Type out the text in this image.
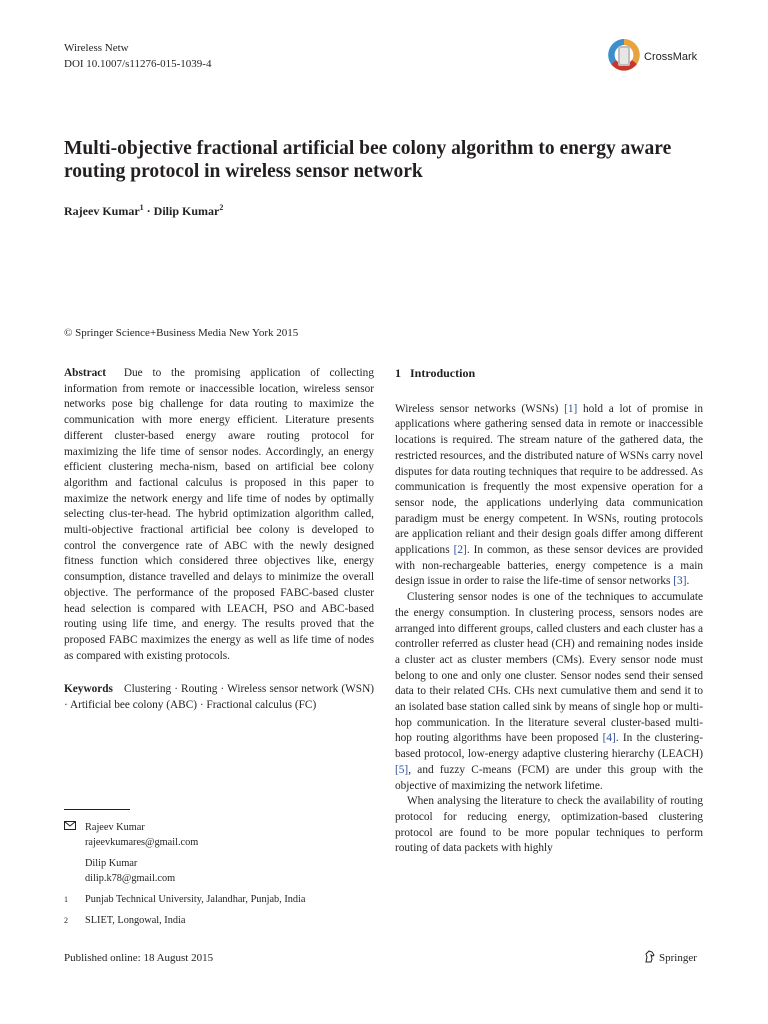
Wireless Netw
DOI 10.1007/s11276-015-1039-4
CrossMark
Multi-objective fractional artificial bee colony algorithm to energy aware routing protocol in wireless sensor network
Rajeev Kumar$^1$ · Dilip Kumar$^2$
© Springer Science+Business Media New York 2015

Abstract Due to the promising application of collecting information from remote or inaccessible location, wireless sensor networks pose big challenge for data routing to maximize the communication with more energy efficient. Literature presents different cluster-based energy aware routing protocol for maximizing the life time of sensor nodes. Accordingly, an energy efficient clustering mecha-nism, based on artificial bee colony algorithm and factional calculus is proposed in this paper to maximize the network energy and life time of nodes by optimally selecting clus-ter-head. The hybrid optimization algorithm called, multi-objective fractional artificial bee colony is developed to control the convergence rate of ABC with the newly designed fitness function which considered three objectives like, energy consumption, distance travelled and delays to minimize the overall objective. The performance of the proposed FABC-based cluster head selection is compared with LEACH, PSO and ABC-based routing using life time, and energy. The results proved that the proposed FABC maximizes the energy as well as life time of nodes as compared with existing protocols.

Keywords Clustering · Routing · Wireless sensor network (WSN) · Artificial bee colony (ABC) · Fractional calculus (FC)

Rajeev Kumar
rajeevkumares@gmail.com
Dilip Kumar
dilip.k78@gmail.com
1	Punjab Technical University, Jalandhar, Punjab, India
2	SLIET, Longowal, India
1 Introduction

Wireless sensor networks (WSNs) [1] hold a lot of promise in applications where gathering sensed data in remote or inaccessible locations is required. The stream nature of the gathered data, the restricted resources, and the distributed nature of WSNs carry novel disputes for data routing techniques that require to be addressed. As communication is frequently the most expensive operation for a sensor node, the applications underlying data communication paradigm must be energy competent. In WSNs, routing protocols are application reliant and their design goals differ among different applications [2]. In common, as these sensor devices are provided with non-rechargeable batteries, energy competence is a main design issue in order to raise the life-time of sensor networks [3].

Clustering sensor nodes is one of the techniques to accumulate the energy consumption. In clustering process, sensors nodes are arranged into different groups, called clusters and each cluster has a controller referred as cluster head (CH) and remaining nodes inside a cluster act as cluster members (CMs). Every sensor node must belong to one and only one cluster. Sensor nodes send their sensed data to their related CHs. CHs next cumulative them and send it to an isolated base station called sink by means of single hop or multi-hop communication. In the literature several cluster-based multi-hop routing algorithms have been proposed [4]. In the clustering-based protocol, low-energy adaptive clustering hierarchy (LEACH) [5], and fuzzy C-means (FCM) are under this group with the objective of maximizing the network lifetime.

When analysing the literature to check the availability of routing protocol for reducing energy, optimization-based clustering protocol are found to be more popular techniques to perform routing of data packets with highly

Published online: 18 August 2015	Springer
